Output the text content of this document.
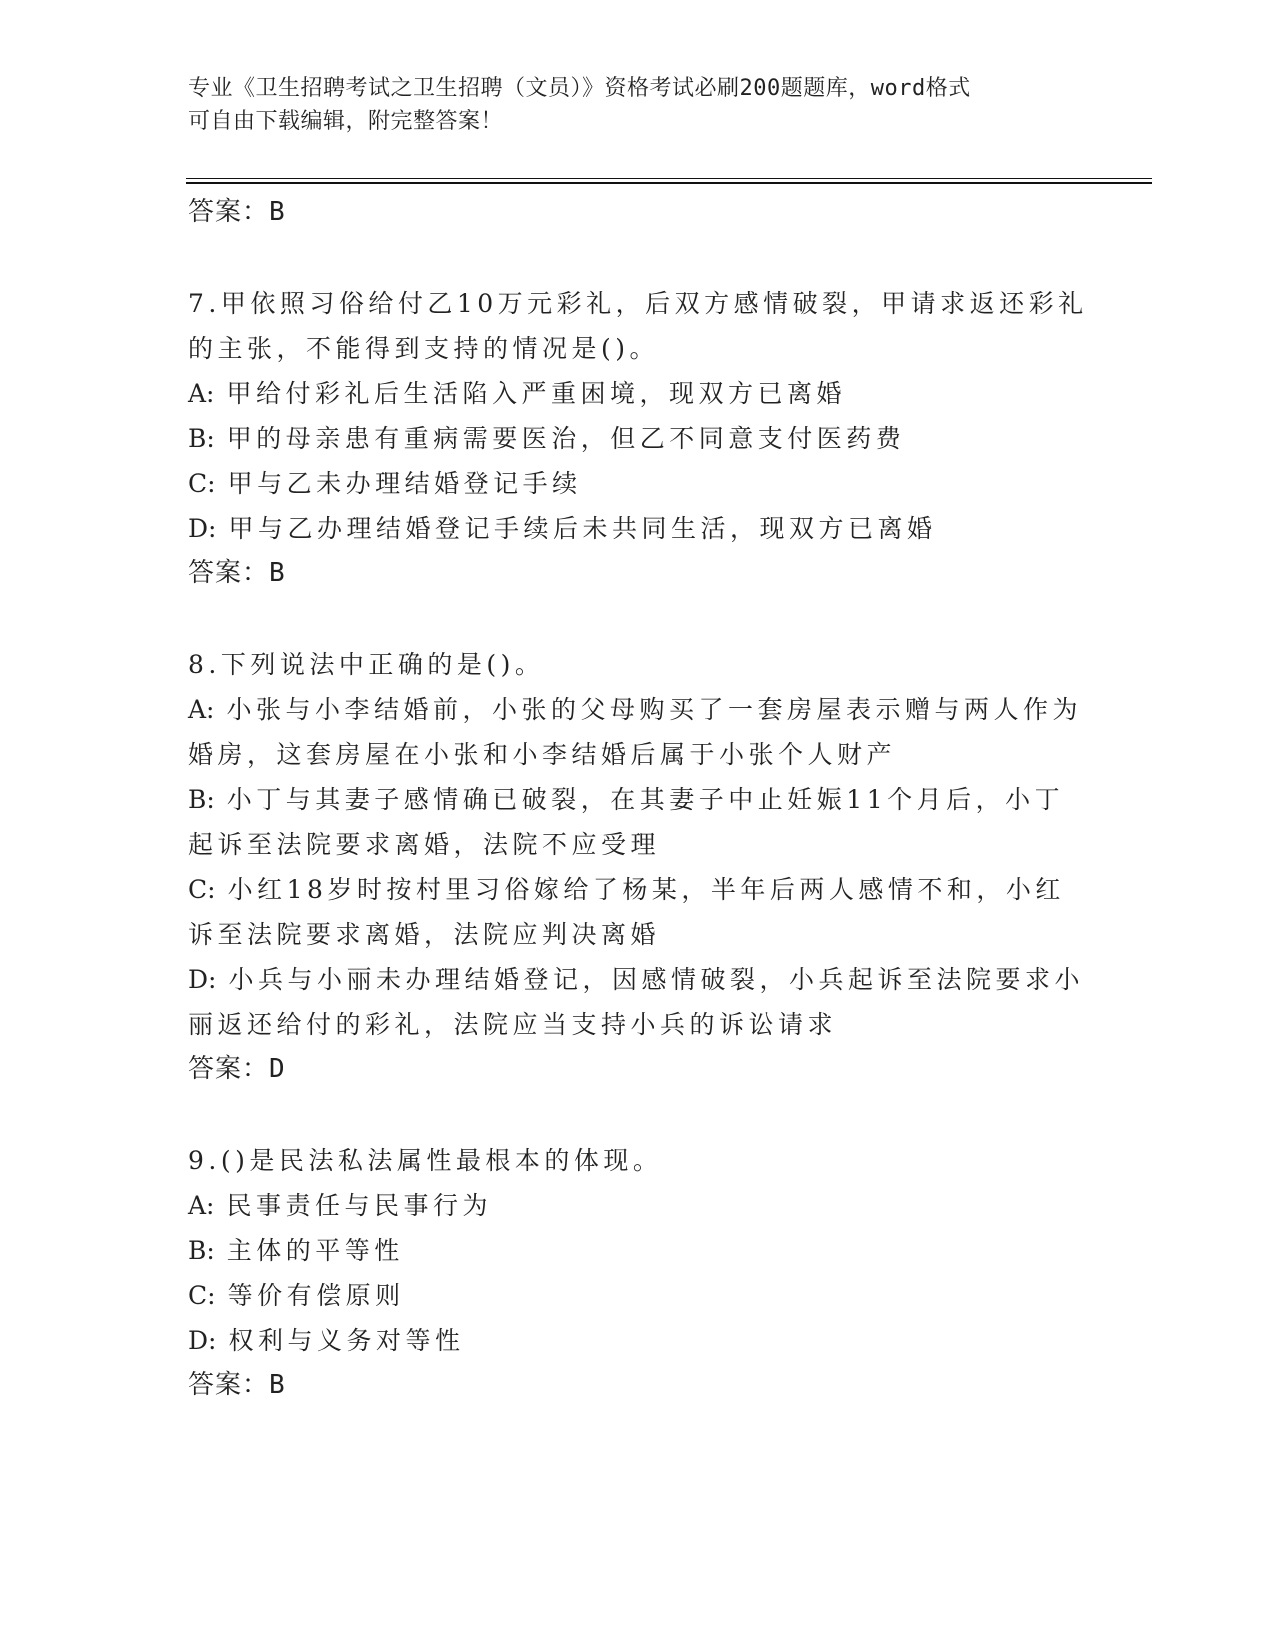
专业《卫生招聘考试之卫生招聘（文员）》资格考试必刷200题题库，word格式
可自由下载编辑，附完整答案！

答案：B

7.甲依照习俗给付乙10万元彩礼，后双方感情破裂，甲请求返还彩礼

的主张，不能得到支持的情况是()。

A: 甲给付彩礼后生活陷入严重困境，现双方已离婚

B: 甲的母亲患有重病需要医治，但乙不同意支付医药费

C: 甲与乙未办理结婚登记手续

D: 甲与乙办理结婚登记手续后未共同生活，现双方已离婚

答案：B

8.下列说法中正确的是()。

A: 小张与小李结婚前，小张的父母购买了一套房屋表示赠与两人作为

婚房，这套房屋在小张和小李结婚后属于小张个人财产

B: 小丁与其妻子感情确已破裂，在其妻子中止妊娠11个月后，小丁

起诉至法院要求离婚，法院不应受理

C: 小红18岁时按村里习俗嫁给了杨某，半年后两人感情不和，小红

诉至法院要求离婚，法院应判决离婚

D: 小兵与小丽未办理结婚登记，因感情破裂，小兵起诉至法院要求小

丽返还给付的彩礼，法院应当支持小兵的诉讼请求

答案：D

9.()是民法私法属性最根本的体现。

A: 民事责任与民事行为

B: 主体的平等性

C: 等价有偿原则

D: 权利与义务对等性

答案：B
